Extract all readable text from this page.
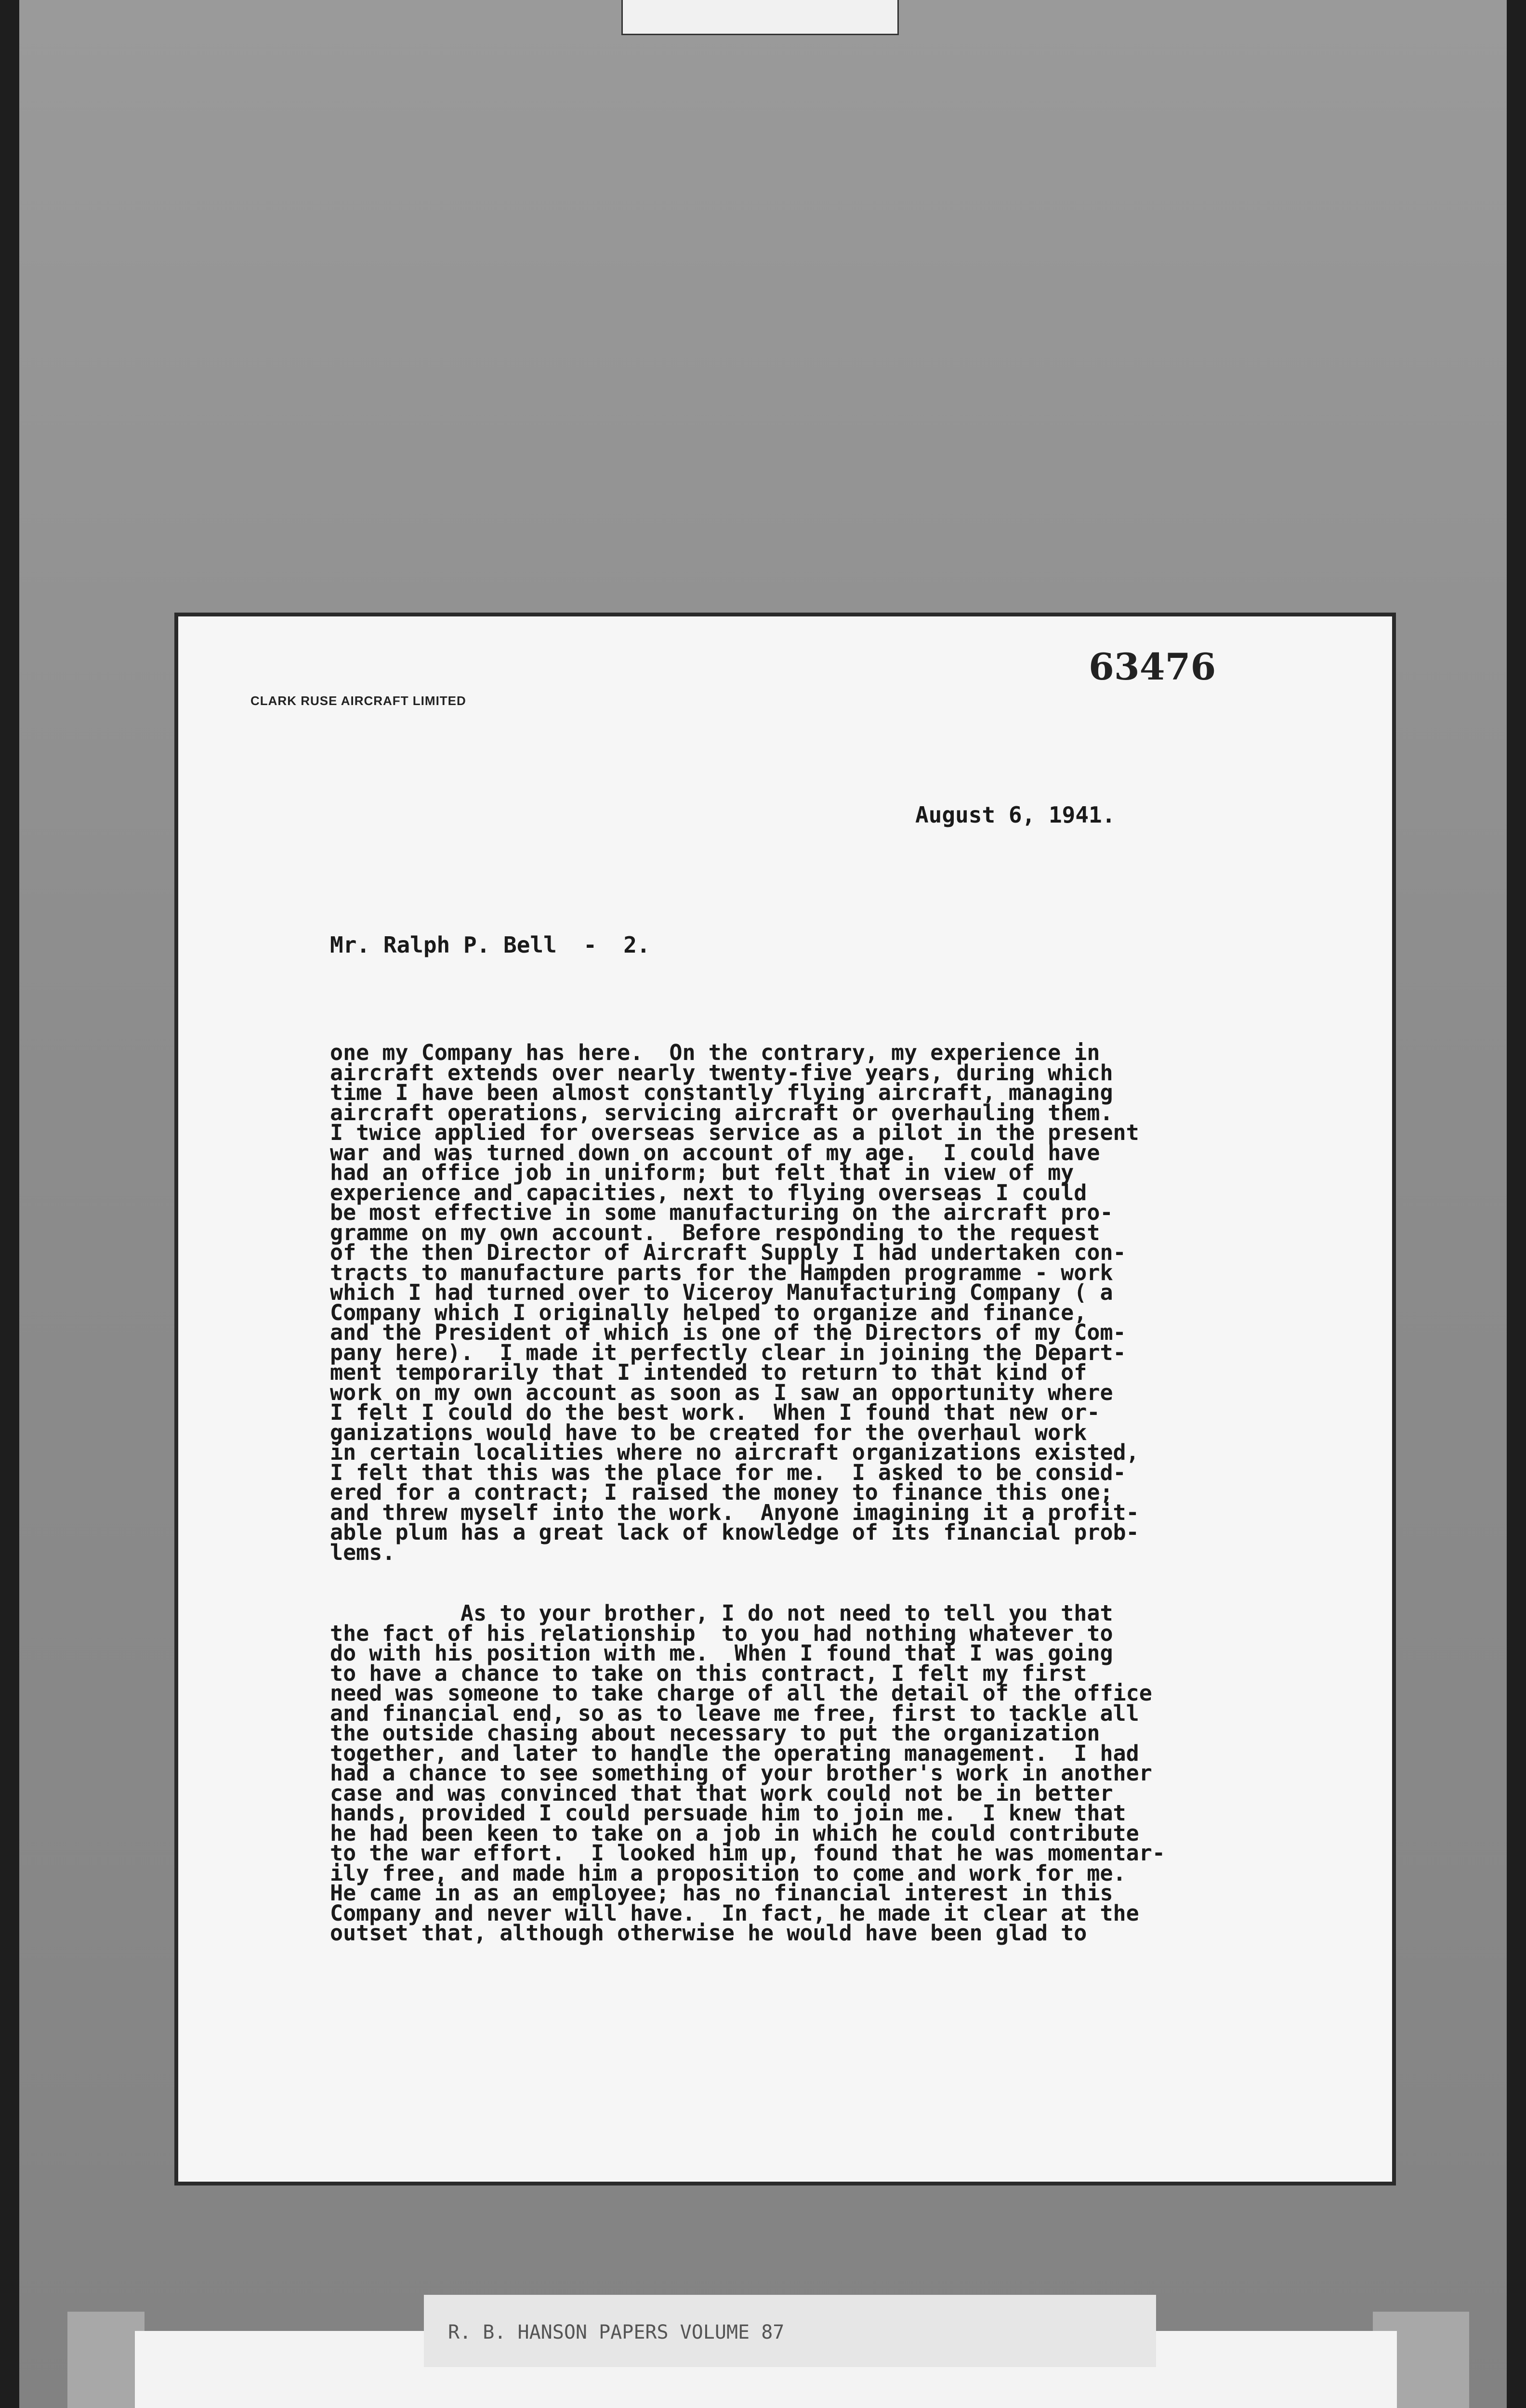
CLARK RUSE AIRCRAFT LIMITED
63476
August 6, 1941.
Mr. Ralph P. Bell  -  2.
one my Company has here.  On the contrary, my experience in
aircraft extends over nearly twenty-five years, during which
time I have been almost constantly flying aircraft, managing
aircraft operations, servicing aircraft or overhauling them.
I twice applied for overseas service as a pilot in the present
war and was turned down on account of my age.  I could have
had an office job in uniform; but felt that in view of my
experience and capacities, next to flying overseas I could
be most effective in some manufacturing on the aircraft pro-
gramme on my own account.  Before responding to the request
of the then Director of Aircraft Supply I had undertaken con-
tracts to manufacture parts for the Hampden programme - work
which I had turned over to Viceroy Manufacturing Company ( a
Company which I originally helped to organize and finance,
and the President of which is one of the Directors of my Com-
pany here).  I made it perfectly clear in joining the Depart-
ment temporarily that I intended to return to that kind of
work on my own account as soon as I saw an opportunity where
I felt I could do the best work.  When I found that new or-
ganizations would have to be created for the overhaul work
in certain localities where no aircraft organizations existed,
I felt that this was the place for me.  I asked to be consid-
ered for a contract; I raised the money to finance this one;
and threw myself into the work.  Anyone imagining it a profit-
able plum has a great lack of knowledge of its financial prob-
lems.
As to your brother, I do not need to tell you that
the fact of his relationship  to you had nothing whatever to
do with his position with me.  When I found that I was going
to have a chance to take on this contract, I felt my first
need was someone to take charge of all the detail of the office
and financial end, so as to leave me free, first to tackle all
the outside chasing about necessary to put the organization
together, and later to handle the operating management.  I had
had a chance to see something of your brother's work in another
case and was convinced that that work could not be in better
hands, provided I could persuade him to join me.  I knew that
he had been keen to take on a job in which he could contribute
to the war effort.  I looked him up, found that he was momentar-
ily free, and made him a proposition to come and work for me.
He came in as an employee; has no financial interest in this
Company and never will have.  In fact, he made it clear at the
outset that, although otherwise he would have been glad to
R. B. HANSON PAPERS VOLUME 87
